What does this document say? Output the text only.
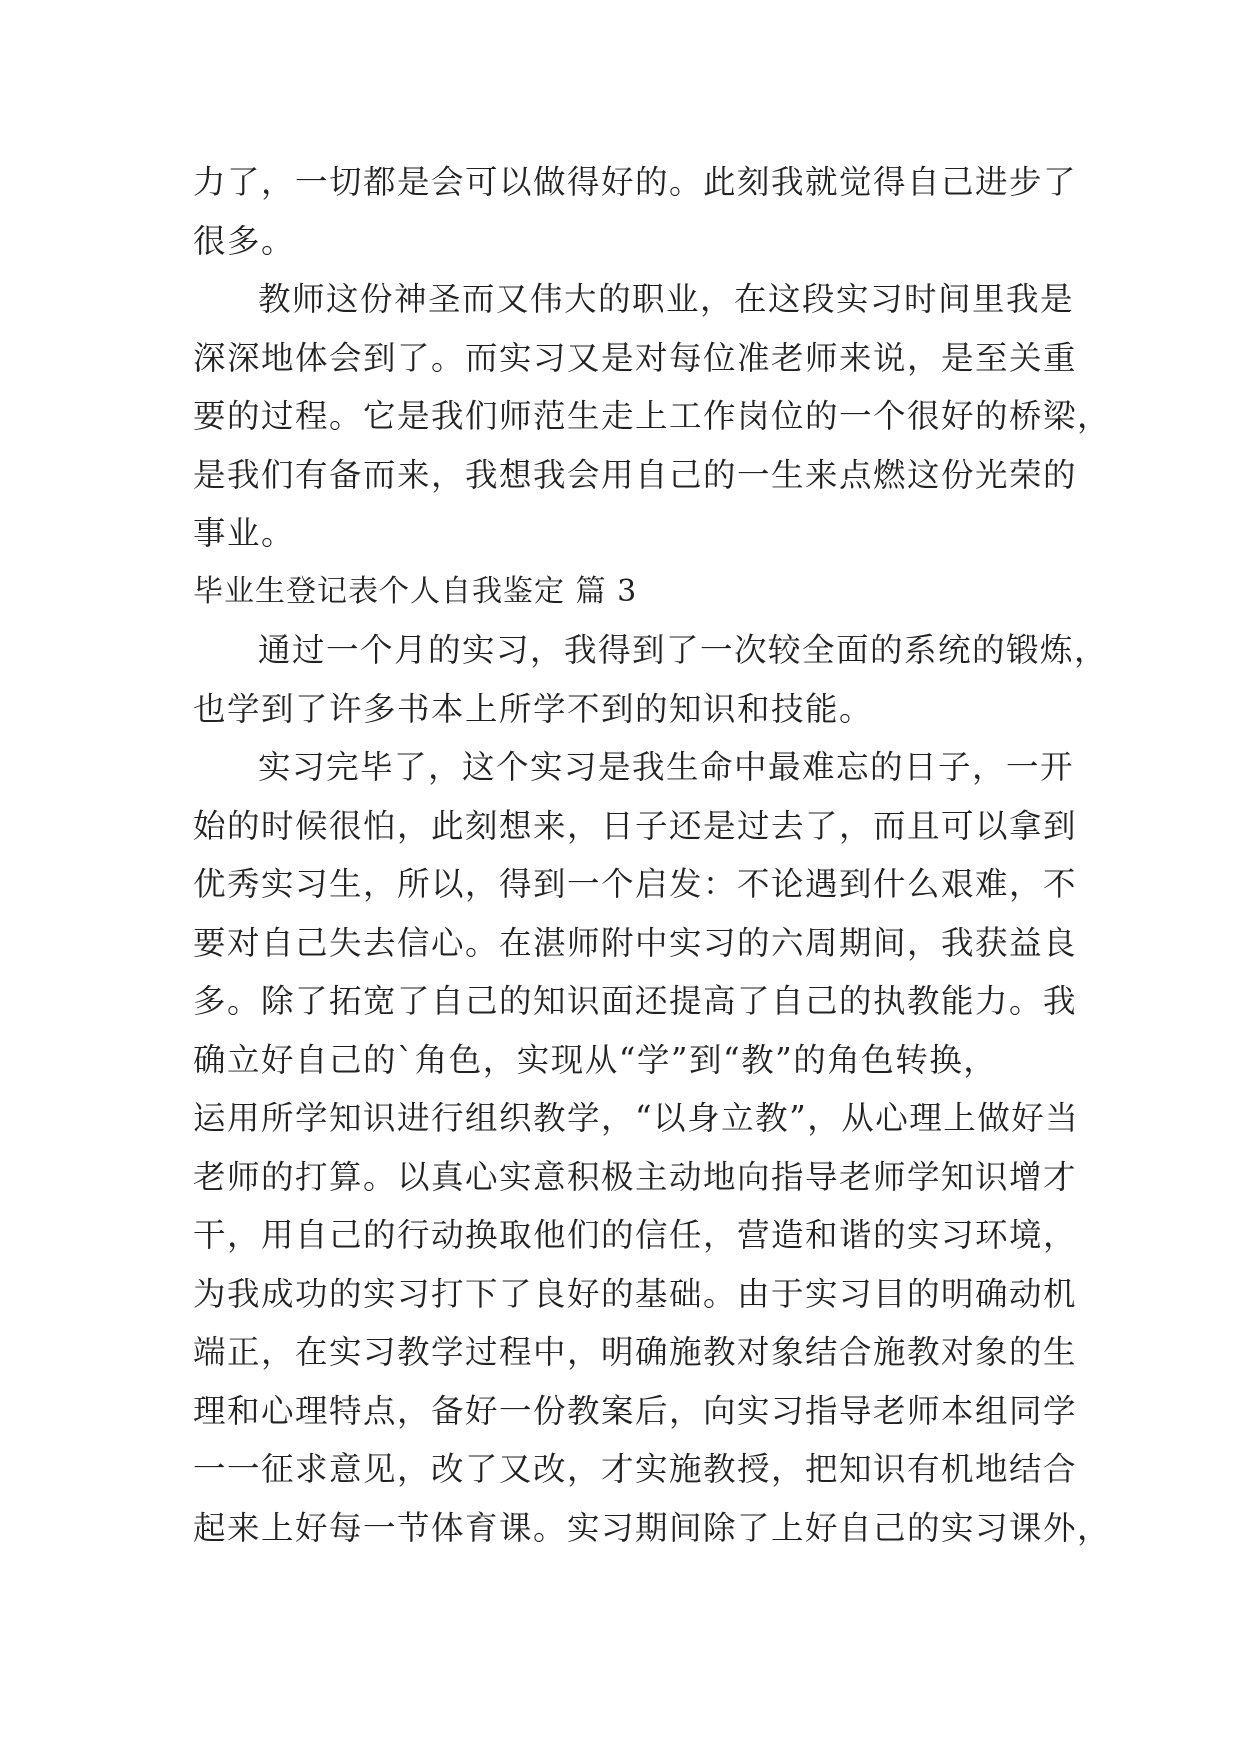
力了，一切都是会可以做得好的。此刻我就觉得自己进步了
很多。

教师这份神圣而又伟大的职业，在这段实习时间里我是
深深地体会到了。而实习又是对每位准老师来说，是至关重
要的过程。它是我们师范生走上工作岗位的一个很好的桥梁，
是我们有备而来，我想我会用自己的一生来点燃这份光荣的
事业。

毕业生登记表个人自我鉴定 篇 3

通过一个月的实习，我得到了一次较全面的系统的锻炼，
也学到了许多书本上所学不到的知识和技能。

实习完毕了，这个实习是我生命中最难忘的日子，一开
始的时候很怕，此刻想来，日子还是过去了，而且可以拿到
优秀实习生，所以，得到一个启发：不论遇到什么艰难，不
要对自己失去信心。在湛师附中实习的六周期间，我获益良
多。除了拓宽了自己的知识面还提高了自己的执教能力。我
确立好自己的`角色，实现从“学”到“教”的角色转换，
运用所学知识进行组织教学，“以身立教”，从心理上做好当
老师的打算。以真心实意积极主动地向指导老师学知识增才
干，用自己的行动换取他们的信任，营造和谐的实习环境，
为我成功的实习打下了良好的基础。由于实习目的明确动机
端正，在实习教学过程中，明确施教对象结合施教对象的生
理和心理特点，备好一份教案后，向实习指导老师本组同学
一一征求意见，改了又改，才实施教授，把知识有机地结合
起来上好每一节体育课。实习期间除了上好自己的实习课外，
